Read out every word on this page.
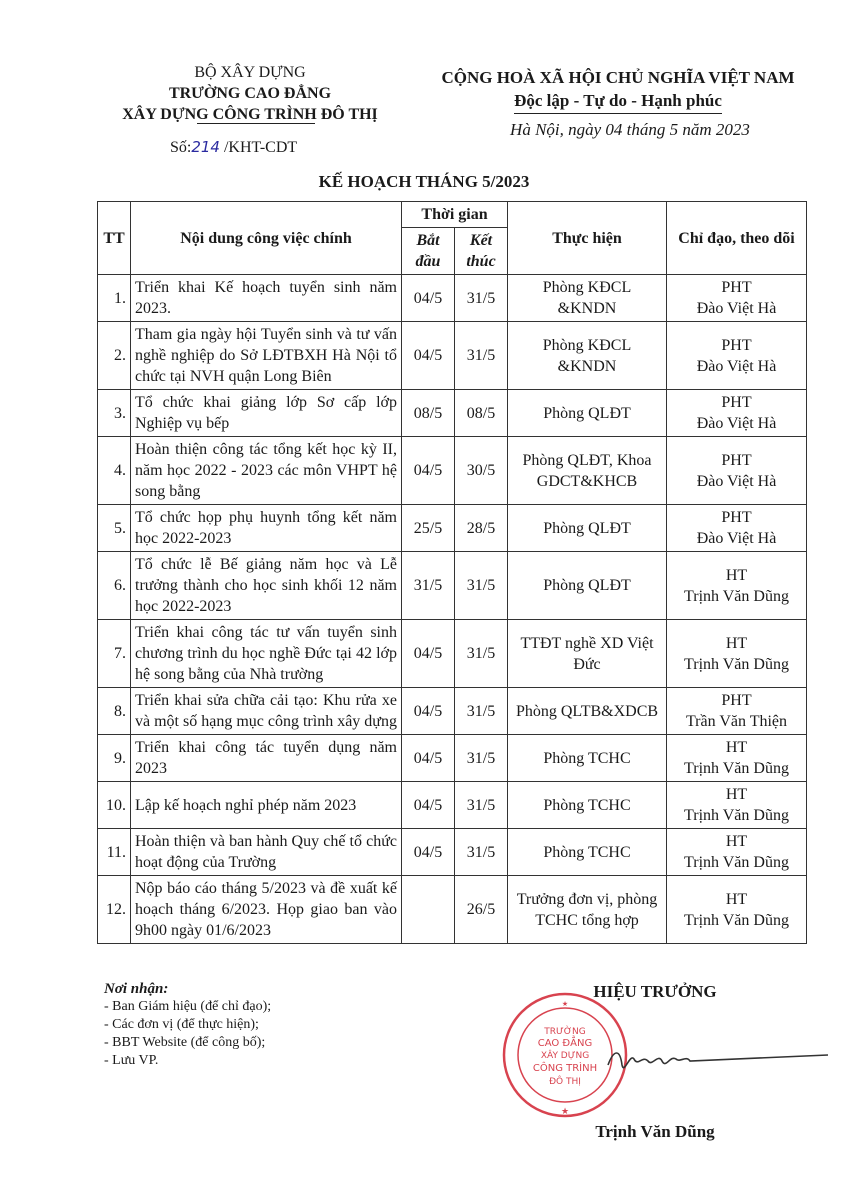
BỘ XÂY DỰNG
TRƯỜNG CAO ĐẲNG
XÂY DỰNG CÔNG TRÌNH ĐÔ THỊ
Số:214 /KHT-CDT
CỘNG HOÀ XÃ HỘI CHỦ NGHĨA VIỆT NAM
Độc lập - Tự do - Hạnh phúc
Hà Nội, ngày 04 tháng 5 năm 2023
KẾ HOẠCH THÁNG 5/2023
TT	Nội dung công việc chính	Thời gian		Thực hiện	Chỉ đạo, theo dõi
		Bắt đầu	Kết thúc		
1.	Triển khai Kế hoạch tuyển sinh năm 2023.	04/5	31/5	Phòng KĐCL &KNDN	PHT
Đào Việt Hà

2.	Tham gia ngày hội Tuyển sinh và tư vấn nghề nghiệp do Sở LĐTBXH Hà Nội tổ chức tại NVH quận Long Biên	04/5	31/5	Phòng KĐCL &KNDN	PHT
Đào Việt Hà

3.	Tổ chức khai giảng lớp Sơ cấp lớp Nghiệp vụ bếp	08/5	08/5	Phòng QLĐT	PHT
Đào Việt Hà

4.	Hoàn thiện công tác tổng kết học kỳ II, năm học 2022 - 2023 các môn VHPT hệ song bằng	04/5	30/5	Phòng QLĐT, Khoa GDCT&KHCB	PHT
Đào Việt Hà

5.	Tổ chức họp phụ huynh tổng kết năm học 2022-2023	25/5	28/5	Phòng QLĐT	PHT
Đào Việt Hà

6.	Tổ chức lễ Bế giảng năm học và Lễ trưởng thành cho học sinh khối 12 năm học 2022-2023	31/5	31/5	Phòng QLĐT	HT
Trịnh Văn Dũng

7.	Triển khai công tác tư vấn tuyển sinh chương trình du học nghề Đức tại 42 lớp hệ song bằng của Nhà trường	04/5	31/5	TTĐT nghề XD Việt Đức	HT
Trịnh Văn Dũng

8.	Triển khai sửa chữa cải tạo: Khu rửa xe và một số hạng mục công trình xây dựng	04/5	31/5	Phòng QLTB&XDCB	PHT
Trần Văn Thiện

9.	Triển khai công tác tuyển dụng năm 2023	04/5	31/5	Phòng TCHC	HT
Trịnh Văn Dũng

10.	Lập kế hoạch nghỉ phép năm 2023	04/5	31/5	Phòng TCHC	HT
Trịnh Văn Dũng

11.	Hoàn thiện và ban hành Quy chế tổ chức hoạt động của Trường	04/5	31/5	Phòng TCHC	HT
Trịnh Văn Dũng

12.	Nộp báo cáo tháng 5/2023 và đề xuất kế hoạch tháng 6/2023. Họp giao ban vào 9h00 ngày 01/6/2023		26/5	Trưởng đơn vị, phòng TCHC tổng hợp	HT
Trịnh Văn Dũng
Nơi nhận:
- Ban Giám hiệu (để chỉ đạo);
- Các đơn vị (để thực hiện);
- BBT Website (để công bố);
- Lưu VP.
HIỆU TRƯỞNG
★
★
TRƯỜNG
CAO ĐẲNG
XÂY DỰNG
CÔNG TRÌNH
ĐÔ THỊ
Trịnh Văn Dũng
